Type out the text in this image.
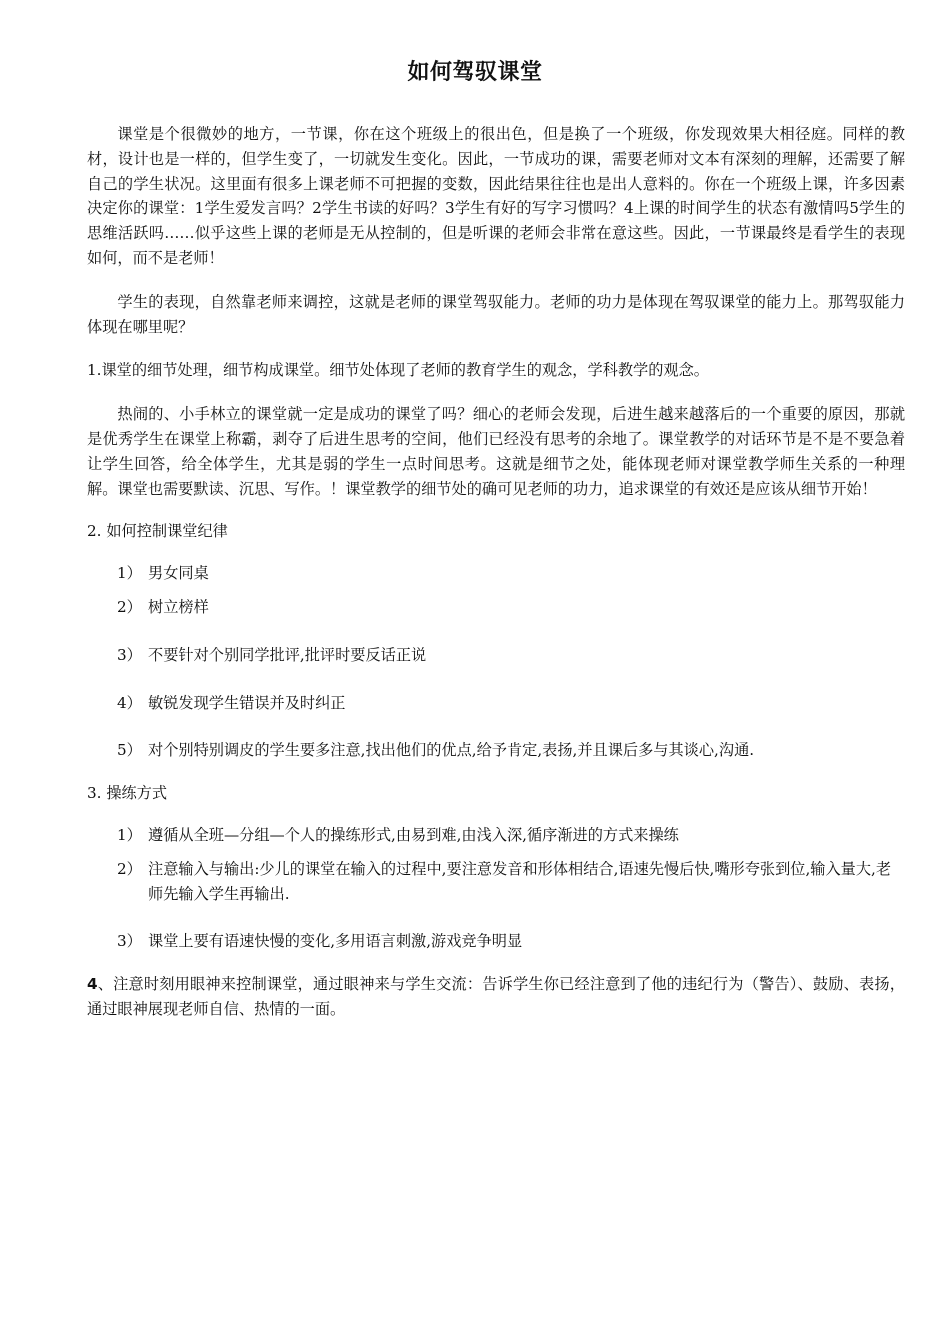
如何驾驭课堂

课堂是个很微妙的地方，一节课，你在这个班级上的很出色，但是换了一个班级，你发现效果大相径庭。同样的教材，设计也是一样的，但学生变了，一切就发生变化。因此，一节成功的课，需要老师对文本有深刻的理解，还需要了解自己的学生状况。这里面有很多上课老师不可把握的变数，因此结果往往也是出人意料的。你在一个班级上课，许多因素决定你的课堂：1学生爱发言吗？2学生书读的好吗？3学生有好的写字习惯吗？4上课的时间学生的状态有激情吗5学生的思维活跃吗……似乎这些上课的老师是无从控制的，但是听课的老师会非常在意这些。因此，一节课最终是看学生的表现如何，而不是老师！

学生的表现，自然靠老师来调控，这就是老师的课堂驾驭能力。老师的功力是体现在驾驭课堂的能力上。那驾驭能力体现在哪里呢？

1.课堂的细节处理，细节构成课堂。细节处体现了老师的教育学生的观念，学科教学的观念。

热闹的、小手林立的课堂就一定是成功的课堂了吗？细心的老师会发现，后进生越来越落后的一个重要的原因，那就是优秀学生在课堂上称霸，剥夺了后进生思考的空间，他们已经没有思考的余地了。课堂教学的对话环节是不是不要急着让学生回答，给全体学生，尤其是弱的学生一点时间思考。这就是细节之处，能体现老师对课堂教学师生关系的一种理解。课堂也需要默读、沉思、写作。！课堂教学的细节处的确可见老师的功力，追求课堂的有效还是应该从细节开始！

2. 如何控制课堂纪律

1） 男女同桌
2） 树立榜样
3） 不要针对个别同学批评,批评时要反话正说
4） 敏锐发现学生错误并及时纠正
5） 对个别特别调皮的学生要多注意,找出他们的优点,给予肯定,表扬,并且课后多与其谈心,沟通.

3. 操练方式

1） 遵循从全班—分组—个人的操练形式,由易到难,由浅入深,循序渐进的方式来操练
2） 注意输入与输出:少儿的课堂在输入的过程中,要注意发音和形体相结合,语速先慢后快,嘴形夸张到位,输入量大,老师先输入学生再输出.
3） 课堂上要有语速快慢的变化,多用语言刺激,游戏竞争明显

4、注意时刻用眼神来控制课堂，通过眼神来与学生交流：告诉学生你已经注意到了他的违纪行为（警告）、鼓励、表扬，通过眼神展现老师自信、热情的一面。
